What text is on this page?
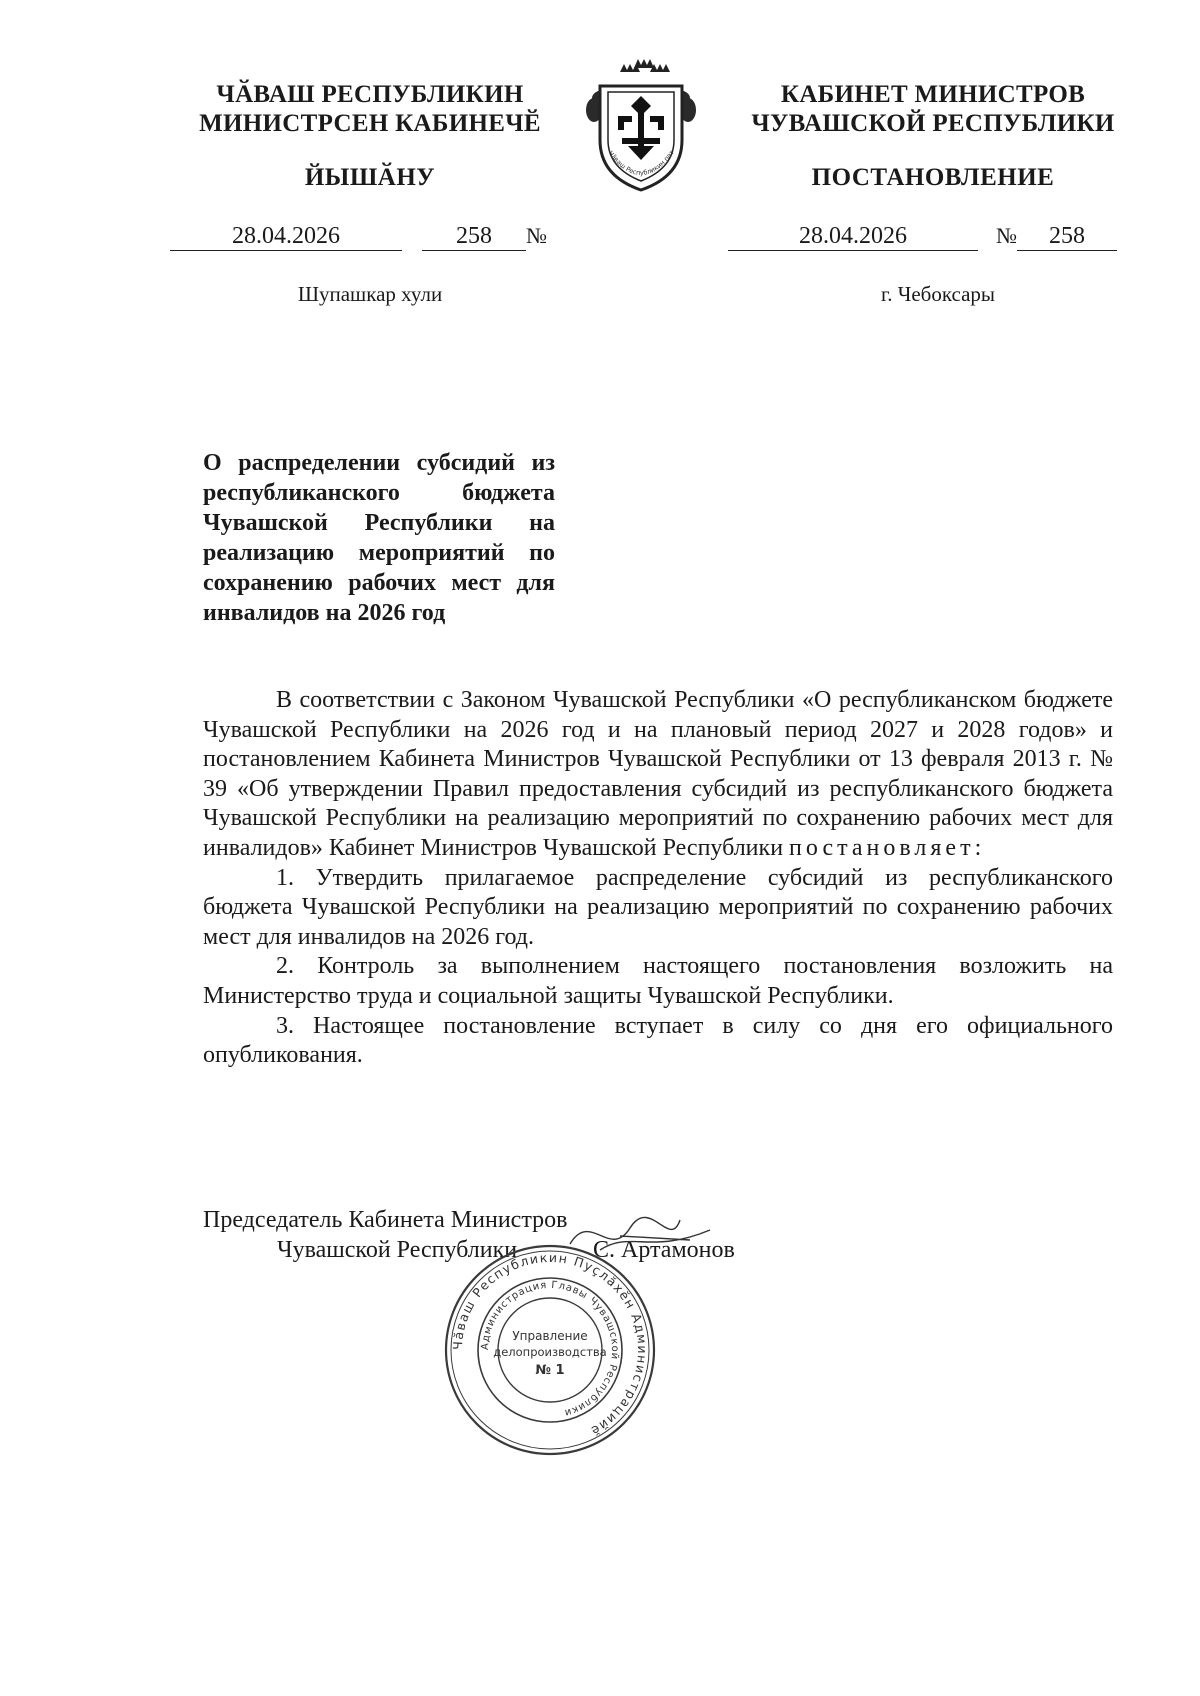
ЧӐВАШ РЕСПУБЛИКИН
МИНИСТРСЕН КАБИНЕЧӖ
ЙЫШӐНУ
28.04.2026	258 №
Шупашкар хули
КАБИНЕТ МИНИСТРОВ
ЧУВАШСКОЙ РЕСПУБЛИКИ
ПОСТАНОВЛЕНИЕ
28.04.2026	№ 258
г. Чебоксары
Чӑваш Республикин пат
О распределении субсидий из республиканского бюджета Чувашской Республики на реализацию мероприятий по сохранению рабочих мест для инвалидов на 2026 год

В соответствии с Законом Чувашской Республики «О республиканском бюджете Чувашской Республики на 2026 год и на плановый период 2027 и 2028 годов» и постановлением Кабинета Министров Чувашской Республики от 13 февраля 2013 г. № 39 «Об утверждении Правил предоставления субсидий из республиканского бюджета Чувашской Республики на реализацию мероприятий по сохранению рабочих мест для инвалидов» Кабинет Министров Чувашской Республики постановляет:

1. Утвердить прилагаемое распределение субсидий из республиканского бюджета Чувашской Республики на реализацию мероприятий по сохранению рабочих мест для инвалидов на 2026 год.

2. Контроль за выполнением настоящего постановления возложить на Министерство труда и социальной защиты Чувашской Республики.

3. Настоящее постановление вступает в силу со дня его официального опубликования.

Председатель Кабинета Министров
Чувашской Республики	С. Артамонов
Чӑваш Республикин Пуҫлӑхӗн Администрацийӗ
Администрация Главы Чувашской Республики
Управление
делопроизводства
№ 1
